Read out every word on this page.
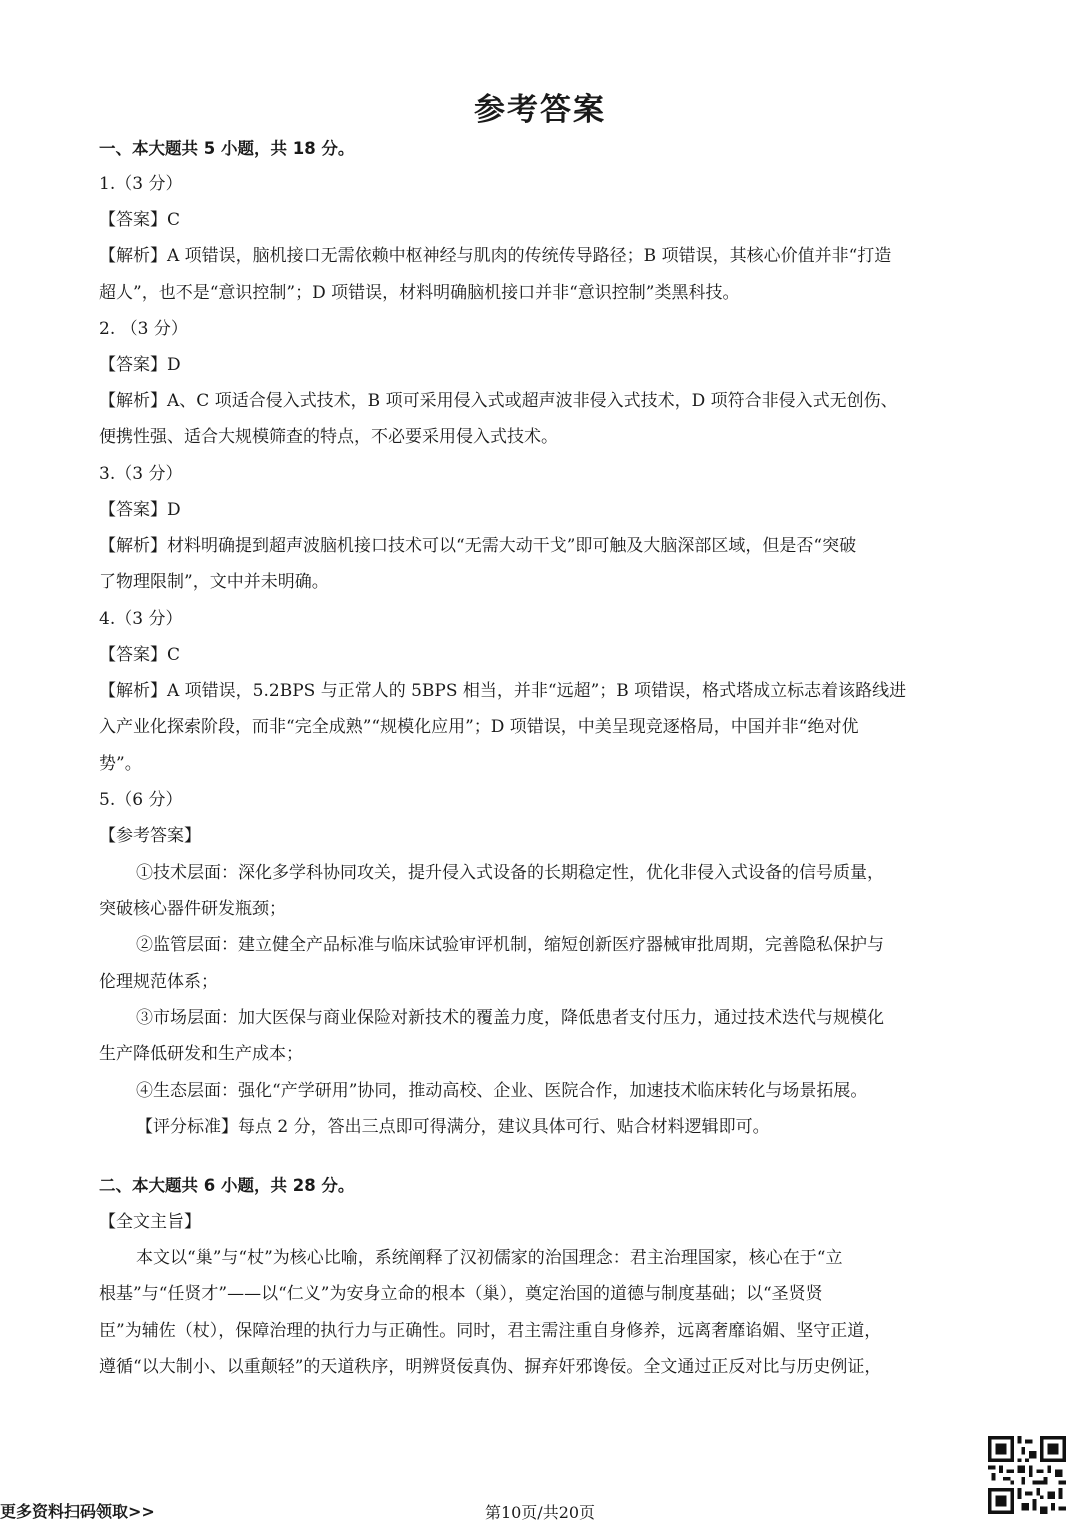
参考答案
一、本大题共 5 小题，共 18 分。
1.（3 分）
【答案】C
【解析】A 项错误，脑机接口无需依赖中枢神经与肌肉的传统传导路径；B 项错误，其核心价值并非“打造
超人”，也不是“意识控制”；D 项错误，材料明确脑机接口并非“意识控制”类黑科技。
2. （3 分）
【答案】D
【解析】A、C 项适合侵入式技术，B 项可采用侵入式或超声波非侵入式技术，D 项符合非侵入式无创伤、
便携性强、适合大规模筛查的特点，不必要采用侵入式技术。
3.（3 分）
【答案】D
【解析】材料明确提到超声波脑机接口技术可以“无需大动干戈”即可触及大脑深部区域，但是否“突破
了物理限制”，文中并未明确。
4.（3 分）
【答案】C
【解析】A 项错误，5.2BPS 与正常人的 5BPS 相当，并非“远超”；B 项错误，格式塔成立标志着该路线进
入产业化探索阶段，而非“完全成熟”“规模化应用”；D 项错误，中美呈现竞逐格局，中国并非“绝对优
势”。
5.（6 分）
【参考答案】
①技术层面：深化多学科协同攻关，提升侵入式设备的长期稳定性，优化非侵入式设备的信号质量，
突破核心器件研发瓶颈；
②监管层面：建立健全产品标准与临床试验审评机制，缩短创新医疗器械审批周期，完善隐私保护与
伦理规范体系；
③市场层面：加大医保与商业保险对新技术的覆盖力度，降低患者支付压力，通过技术迭代与规模化
生产降低研发和生产成本；
④生态层面：强化“产学研用”协同，推动高校、企业、医院合作，加速技术临床转化与场景拓展。
【评分标准】每点 2 分，答出三点即可得满分，建议具体可行、贴合材料逻辑即可。
二、本大题共 6 小题，共 28 分。
【全文主旨】
本文以“巢”与“杖”为核心比喻，系统阐释了汉初儒家的治国理念：君主治理国家，核心在于“立
根基”与“任贤才”——以“仁义”为安身立命的根本（巢），奠定治国的道德与制度基础；以“圣贤贤
臣”为辅佐（杖），保障治理的执行力与正确性。同时，君主需注重自身修养，远离奢靡谄媚、坚守正道，
遵循“以大制小、以重颠轻”的天道秩序，明辨贤佞真伪、摒弃奸邪谗佞。全文通过正反对比与历史例证，
更多资料扫码领取>>	第10页/共20页
